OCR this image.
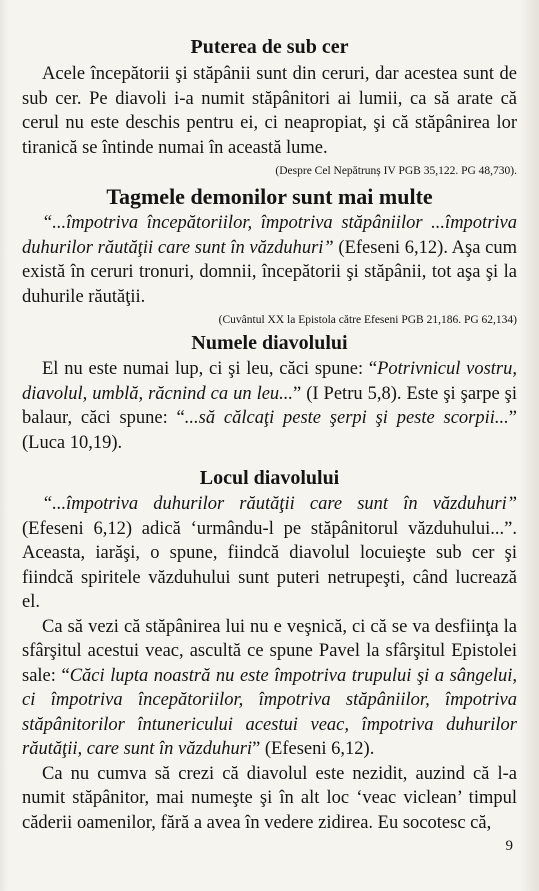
Puterea de sub cer

Acele începătorii şi stăpânii sunt din ceruri, dar acestea sunt de sub cer. Pe diavoli i-a numit stăpânitori ai lumii, ca să arate că cerul nu este deschis pentru ei, ci neapropiat, şi că stăpânirea lor tiranică se întinde numai în această lume.

(Despre Cel Nepătrunș IV PGB 35,122. PG 48,730).
Tagmele demonilor sunt mai multe

“...împotriva începătoriilor, împotriva stăpâniilor ...împotriva duhurilor răutăţii care sunt în văzduhuri” (Efeseni 6,12). Aşa cum există în ceruri tronuri, domnii, începătorii şi stăpânii, tot aşa şi la duhurile răutăţii.

(Cuvântul XX la Epistola către Efeseni PGB 21,186. PG 62,134)
Numele diavolului

El nu este numai lup, ci şi leu, căci spune: “Potrivnicul vostru, diavolul, umblă, răcnind ca un leu...” (I Petru 5,8). Este şi şarpe şi balaur, căci spune: “...să călcaţi peste şerpi şi peste scorpii...” (Luca 10,19).

Locul diavolului

“...împotriva duhurilor răutăţii care sunt în văzduhuri” (Efeseni 6,12) adică ‘urmându-l pe stăpânitorul văzduhului...”. Aceasta, iarăşi, o spune, fiindcă diavolul locuieşte sub cer şi fiindcă spiritele văzduhului sunt puteri netrupeşti, când lucrează el.

Ca să vezi că stăpânirea lui nu e veşnică, ci că se va desfiinţa la sfârşitul acestui veac, ascultă ce spune Pavel la sfârşitul Epistolei sale: “Căci lupta noastră nu este împotriva trupului şi a sângelui, ci împotriva începătoriilor, împotriva stăpâniilor, împotriva stăpânitorilor întunericului acestui veac, împotriva duhurilor răutăţii, care sunt în văzduhuri” (Efeseni 6,12).

Ca nu cumva să crezi că diavolul este nezidit, auzind că l-a numit stăpânitor, mai numeşte şi în alt loc ‘veac viclean’ timpul căderii oamenilor, fără a avea în vedere zidirea. Eu socotesc că,

9
